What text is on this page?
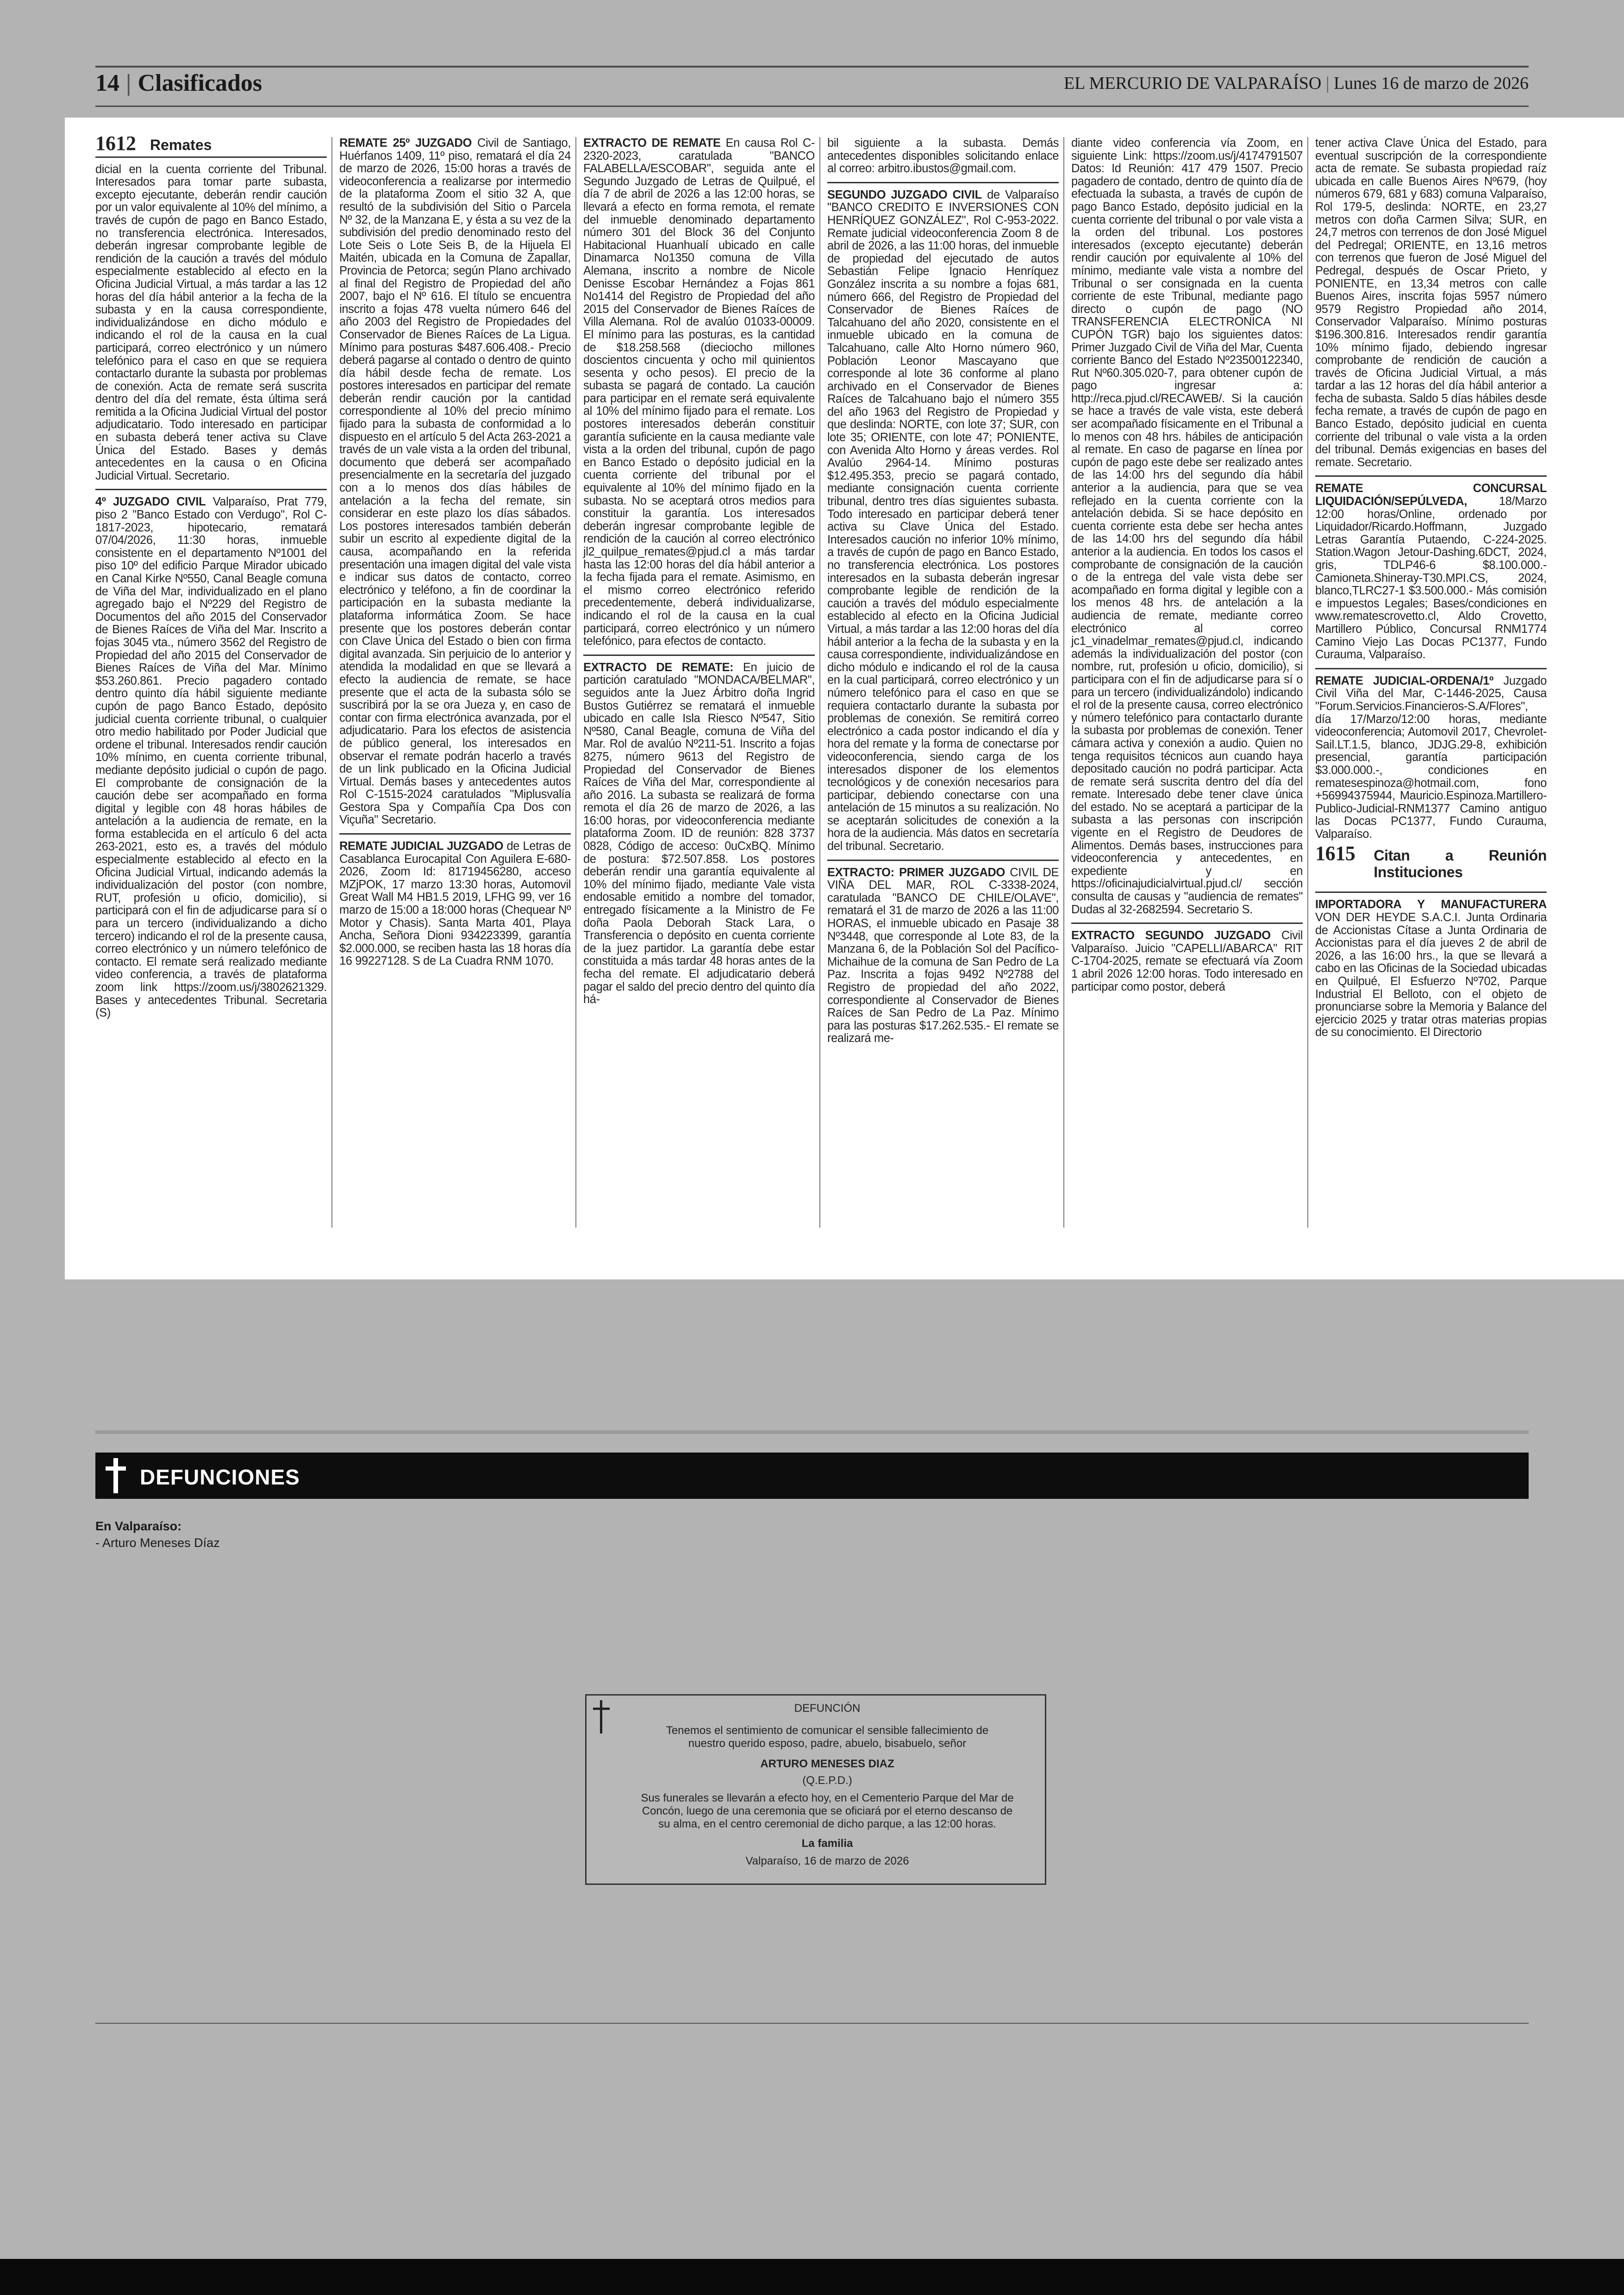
14 | Clasificados	EL MERCURIO DE VALPARAÍSO | Lunes 16 de marzo de 2026
1612 Remates

dicial en la cuenta corriente del Tribunal. Interesados para tomar parte subasta, excepto ejecutante, deberán rendir caución por un valor equivalente al 10% del mínimo, a través de cupón de pago en Banco Estado, no transferencia electrónica. Interesados, deberán ingresar comprobante legible de rendición de la caución a través del módulo especialmente establecido al efecto en la Oficina Judicial Virtual, a más tardar a las 12 horas del día hábil anterior a la fecha de la subasta y en la causa correspondiente, individualizándose en dicho módulo e indicando el rol de la causa en la cual participará, correo electrónico y un número telefónico para el caso en que se requiera contactarlo durante la subasta por problemas de conexión. Acta de remate será suscrita dentro del día del remate, ésta última será remitida a la Oficina Judicial Virtual del postor adjudicatario. Todo interesado en participar en subasta deberá tener activa su Clave Única del Estado. Bases y demás antecedentes en la causa o en Oficina Judicial Virtual. Secretario.

4º JUZGADO CIVIL Valparaíso, Prat 779, piso 2 "Banco Estado con Verdugo", Rol C-1817-2023, hipotecario, rematará 07/04/2026, 11:30 horas, inmueble consistente en el departamento Nº1001 del piso 10º del edificio Parque Mirador ubicado en Canal Kirke Nº550, Canal Beagle comuna de Viña del Mar, individualizado en el plano agregado bajo el Nº229 del Registro de Documentos del año 2015 del Conservador de Bienes Raíces de Viña del Mar. Inscrito a fojas 3045 vta., número 3562 del Registro de Propiedad del año 2015 del Conservador de Bienes Raíces de Viña del Mar. Mínimo $53.260.861. Precio pagadero contado dentro quinto día hábil siguiente mediante cupón de pago Banco Estado, depósito judicial cuenta corriente tribunal, o cualquier otro medio habilitado por Poder Judicial que ordene el tribunal. Interesados rendir caución 10% mínimo, en cuenta corriente tribunal, mediante depósito judicial o cupón de pago. El comprobante de consignación de la caución debe ser acompañado en forma digital y legible con 48 horas hábiles de antelación a la audiencia de remate, en la forma establecida en el artículo 6 del acta 263-2021, esto es, a través del módulo especialmente establecido al efecto en la Oficina Judicial Virtual, indicando además la individualización del postor (con nombre, RUT, profesión u oficio, domicilio), si participará con el fin de adjudicarse para sí o para un tercero (individualizando a dicho tercero) indicando el rol de la presente causa, correo electrónico y un número telefónico de contacto. El remate será realizado mediante video conferencia, a través de plataforma zoom link https://zoom.us/j/3802621329. Bases y antecedentes Tribunal. Secretaria (S)

REMATE 25º JUZGADO Civil de Santiago, Huérfanos 1409, 11º piso, rematará el día 24 de marzo de 2026, 15:00 horas a través de videoconferencia a realizarse por intermedio de la plataforma Zoom el sitio 32 A, que resultó de la subdivisión del Sitio o Parcela Nº 32, de la Manzana E, y ésta a su vez de la subdivisión del predio denominado resto del Lote Seis o Lote Seis B, de la Hijuela El Maitén, ubicada en la Comuna de Zapallar, Provincia de Petorca; según Plano archivado al final del Registro de Propiedad del año 2007, bajo el Nº 616. El título se encuentra inscrito a fojas 478 vuelta número 646 del año 2003 del Registro de Propiedades del Conservador de Bienes Raíces de La Ligua. Mínimo para posturas $487.606.408.- Precio deberá pagarse al contado o dentro de quinto día hábil desde fecha de remate. Los postores interesados en participar del remate deberán rendir caución por la cantidad correspondiente al 10% del precio mínimo fijado para la subasta de conformidad a lo dispuesto en el artículo 5 del Acta 263-2021 a través de un vale vista a la orden del tribunal, documento que deberá ser acompañado presencialmente en la secretaría del juzgado con a lo menos dos días hábiles de antelación a la fecha del remate, sin considerar en este plazo los días sábados. Los postores interesados también deberán subir un escrito al expediente digital de la causa, acompañando en la referida presentación una imagen digital del vale vista e indicar sus datos de contacto, correo electrónico y teléfono, a fin de coordinar la participación en la subasta mediante la plataforma informática Zoom. Se hace presente que los postores deberán contar con Clave Única del Estado o bien con firma digital avanzada. Sin perjuicio de lo anterior y atendida la modalidad en que se llevará a efecto la audiencia de remate, se hace presente que el acta de la subasta sólo se suscribirá por la se ora Jueza y, en caso de contar con firma electrónica avanzada, por el adjudicatario. Para los efectos de asistencia de público general, los interesados en observar el remate podrán hacerlo a través de un link publicado en la Oficina Judicial Virtual. Demás bases y antecedentes autos Rol C-1515-2024 caratulados "Miplusvalía Gestora Spa y Compañía Cpa Dos con Viçuña" Secretario.

REMATE JUDICIAL JUZGADO de Letras de Casablanca Eurocapital Con Aguilera E-680-2026, Zoom Id: 81719456280, acceso MZjPOK, 17 marzo 13:30 horas, Automovil Great Wall M4 HB1.5 2019, LFHG 99, ver 16 marzo de 15:00 a 18:000 horas (Chequear Nº Motor y Chasis). Santa Marta 401, Playa Ancha, Señora Dioni 934223399, garantía $2.000.000, se reciben hasta las 18 horas día 16 99227128. S de La Cuadra RNM 1070.

EXTRACTO DE REMATE En causa Rol C-2320-2023, caratulada "BANCO FALABELLA/ESCOBAR", seguida ante el Segundo Juzgado de Letras de Quilpué, el día 7 de abril de 2026 a las 12:00 horas, se llevará a efecto en forma remota, el remate del inmueble denominado departamento número 301 del Block 36 del Conjunto Habitacional Huanhualí ubicado en calle Dinamarca No1350 comuna de Villa Alemana, inscrito a nombre de Nicole Denisse Escobar Hernández a Fojas 861 No1414 del Registro de Propiedad del año 2015 del Conservador de Bienes Raíces de Villa Alemana. Rol de avalúo 01033-00009. El mínimo para las posturas, es la cantidad de $18.258.568 (dieciocho millones doscientos cincuenta y ocho mil quinientos sesenta y ocho pesos). El precio de la subasta se pagará de contado. La caución para participar en el remate será equivalente al 10% del mínimo fijado para el remate. Los postores interesados deberán constituir garantía suficiente en la causa mediante vale vista a la orden del tribunal, cupón de pago en Banco Estado o depósito judicial en la cuenta corriente del tribunal por el equivalente al 10% del mínimo fijado en la subasta. No se aceptará otros medios para constituir la garantía. Los interesados deberán ingresar comprobante legible de rendición de la caución al correo electrónico jl2_quilpue_remates@pjud.cl a más tardar hasta las 12:00 horas del día hábil anterior a la fecha fijada para el remate. Asimismo, en el mismo correo electrónico referido precedentemente, deberá individualizarse, indicando el rol de la causa en la cual participará, correo electrónico y un número telefónico, para efectos de contacto.

EXTRACTO DE REMATE: En juicio de partición caratulado "MONDACA/BELMAR", seguidos ante la Juez Árbitro doña Ingrid Bustos Gutiérrez se rematará el inmueble ubicado en calle Isla Riesco Nº547, Sitio Nº580, Canal Beagle, comuna de Viña del Mar. Rol de avalúo Nº211-51. Inscrito a fojas 8275, número 9613 del Registro de Propiedad del Conservador de Bienes Raíces de Viña del Mar, correspondiente al año 2016. La subasta se realizará de forma remota el día 26 de marzo de 2026, a las 16:00 horas, por videoconferencia mediante plataforma Zoom. ID de reunión: 828 3737 0828, Código de acceso: 0uCxBQ. Mínimo de postura: $72.507.858. Los postores deberán rendir una garantía equivalente al 10% del mínimo fijado, mediante Vale vista endosable emitido a nombre del tomador, entregado físicamente a la Ministro de Fe doña Paola Deborah Stack Lara, o Transferencia o depósito en cuenta corriente de la juez partidor. La garantía debe estar constituida a más tardar 48 horas antes de la fecha del remate. El adjudicatario deberá pagar el saldo del precio dentro del quinto día há-

bil siguiente a la subasta. Demás antecedentes disponibles solicitando enlace al correo: arbitro.ibustos@gmail.com.

SEGUNDO JUZGADO CIVIL de Valparaíso "BANCO CREDITO E INVERSIONES CON HENRÍQUEZ GONZÁLEZ", Rol C-953-2022. Remate judicial videoconferencia Zoom 8 de abril de 2026, a las 11:00 horas, del inmueble de propiedad del ejecutado de autos Sebastián Felipe Ignacio Henríquez González inscrita a su nombre a fojas 681, número 666, del Registro de Propiedad del Conservador de Bienes Raíces de Talcahuano del año 2020, consistente en el inmueble ubicado en la comuna de Talcahuano, calle Alto Horno número 960, Población Leonor Mascayano que corresponde al lote 36 conforme al plano archivado en el Conservador de Bienes Raíces de Talcahuano bajo el número 355 del año 1963 del Registro de Propiedad y que deslinda: NORTE, con lote 37; SUR, con lote 35; ORIENTE, con lote 47; PONIENTE, con Avenida Alto Horno y áreas verdes. Rol Avalúo 2964-14. Mínimo posturas $12.495.353, precio se pagará contado, mediante consignación cuenta corriente tribunal, dentro tres días siguientes subasta. Todo interesado en participar deberá tener activa su Clave Única del Estado. Interesados caución no inferior 10% mínimo, a través de cupón de pago en Banco Estado, no transferencia electrónica. Los postores interesados en la subasta deberán ingresar comprobante legible de rendición de la caución a través del módulo especialmente establecido al efecto en la Oficina Judicial Virtual, a más tardar a las 12:00 horas del día hábil anterior a la fecha de la subasta y en la causa correspondiente, individualizándose en dicho módulo e indicando el rol de la causa en la cual participará, correo electrónico y un número telefónico para el caso en que se requiera contactarlo durante la subasta por problemas de conexión. Se remitirá correo electrónico a cada postor indicando el día y hora del remate y la forma de conectarse por videoconferencia, siendo carga de los interesados disponer de los elementos tecnológicos y de conexión necesarios para participar, debiendo conectarse con una antelación de 15 minutos a su realización. No se aceptarán solicitudes de conexión a la hora de la audiencia. Más datos en secretaría del tribunal. Secretario.

EXTRACTO: PRIMER JUZGADO CIVIL DE VIÑA DEL MAR, ROL C-3338-2024, caratulada "BANCO DE CHILE/OLAVE", rematará el 31 de marzo de 2026 a las 11:00 HORAS, el inmueble ubicado en Pasaje 38 Nº3448, que corresponde al Lote 83, de la Manzana 6, de la Población Sol del Pacífico-Michaihue de la comuna de San Pedro de La Paz. Inscrita a fojas 9492 Nº2788 del Registro de propiedad del año 2022, correspondiente al Conservador de Bienes Raíces de San Pedro de La Paz. Mínimo para las posturas $17.262.535.- El remate se realizará me-

diante video conferencia vía Zoom, en siguiente Link: https://zoom.us/j/4174791507 Datos: Id Reunión: 417 479 1507. Precio pagadero de contado, dentro de quinto día de efectuada la subasta, a través de cupón de pago Banco Estado, depósito judicial en la cuenta corriente del tribunal o por vale vista a la orden del tribunal. Los postores interesados (excepto ejecutante) deberán rendir caución por equivalente al 10% del mínimo, mediante vale vista a nombre del Tribunal o ser consignada en la cuenta corriente de este Tribunal, mediante pago directo o cupón de pago (NO TRANSFERENCIA ELECTRONICA NI CUPÓN TGR) bajo los siguientes datos: Primer Juzgado Civil de Viña del Mar, Cuenta corriente Banco del Estado Nº23500122340, Rut Nº60.305.020-7, para obtener cupón de pago ingresar a: http://reca.pjud.cl/RECAWEB/. Si la caución se hace a través de vale vista, este deberá ser acompañado físicamente en el Tribunal a lo menos con 48 hrs. hábiles de anticipación al remate. En caso de pagarse en línea por cupón de pago este debe ser realizado antes de las 14:00 hrs del segundo día hábil anterior a la audiencia, para que se vea reflejado en la cuenta corriente con la antelación debida. Si se hace depósito en cuenta corriente esta debe ser hecha antes de las 14:00 hrs del segundo día hábil anterior a la audiencia. En todos los casos el comprobante de consignación de la caución o de la entrega del vale vista debe ser acompañado en forma digital y legible con a los menos 48 hrs. de antelación a la audiencia de remate, mediante correo electrónico al correo jc1_vinadelmar_remates@pjud.cl, indicando además la individualización del postor (con nombre, rut, profesión u oficio, domicilio), si participara con el fin de adjudicarse para sí o para un tercero (individualizándolo) indicando el rol de la presente causa, correo electrónico y número telefónico para contactarlo durante la subasta por problemas de conexión. Tener cámara activa y conexión a audio. Quien no tenga requisitos técnicos aun cuando haya depositado caución no podrá participar. Acta de remate será suscrita dentro del día del remate. Interesado debe tener clave única del estado. No se aceptará a participar de la subasta a las personas con inscripción vigente en el Registro de Deudores de Alimentos. Demás bases, instrucciones para videoconferencia y antecedentes, en expediente y en https://oficinajudicialvirtual.pjud.cl/ sección consulta de causas y "audiencia de remates" Dudas al 32-2682594. Secretario S.

EXTRACTO SEGUNDO JUZGADO Civil Valparaíso. Juicio "CAPELLI/ABARCA" RIT C-1704-2025, remate se efectuará vía Zoom 1 abril 2026 12:00 horas. Todo interesado en participar como postor, deberá

tener activa Clave Única del Estado, para eventual suscripción de la correspondiente acta de remate. Se subasta propiedad raíz ubicada en calle Buenos Aires Nº679, (hoy números 679, 681 y 683) comuna Valparaíso, Rol 179-5, deslinda: NORTE, en 23,27 metros con doña Carmen Silva; SUR, en 24,7 metros con terrenos de don José Miguel del Pedregal; ORIENTE, en 13,16 metros con terrenos que fueron de José Miguel del Pedregal, después de Oscar Prieto, y PONIENTE, en 13,34 metros con calle Buenos Aires, inscrita fojas 5957 número 9579 Registro Propiedad año 2014, Conservador Valparaíso. Mínimo posturas $196.300.816. Interesados rendir garantía 10% mínimo fijado, debiendo ingresar comprobante de rendición de caución a través de Oficina Judicial Virtual, a más tardar a las 12 horas del día hábil anterior a fecha de subasta. Saldo 5 días hábiles desde fecha remate, a través de cupón de pago en Banco Estado, depósito judicial en cuenta corriente del tribunal o vale vista a la orden del tribunal. Demás exigencias en bases del remate. Secretario.

REMATE CONCURSAL LIQUIDACIÓN/SEPÚLVEDA, 18/Marzo 12:00 horas/Online, ordenado por Liquidador/Ricardo.Hoffmann, Juzgado Letras Garantía Putaendo, C-224-2025. Station.Wagon Jetour-Dashing.6DCT, 2024, gris, TDLP46-6 $8.100.000.-Camioneta.Shineray-T30.MPI.CS, 2024, blanco,TLRC27-1 $3.500.000.- Más comisión e impuestos Legales; Bases/condiciones en www.rematescrovetto.cl, Aldo Crovetto, Martillero Público, Concursal RNM1774 Camino Viejo Las Docas PC1377, Fundo Curauma, Valparaíso.

REMATE JUDICIAL-ORDENA/1º Juzgado Civil Viña del Mar, C-1446-2025, Causa "Forum.Servicios.Financieros-S.A/Flores", día 17/Marzo/12:00 horas, mediante videoconferencia; Automovil 2017, Chevrolet-Sail.LT.1.5, blanco, JDJG.29-8, exhibición presencial, garantía participación $3.000.000.-, condiciones en rematesespinoza@hotmail.com, fono +56994375944, Mauricio.Espinoza.Martillero-Publico-Judicial-RNM1377 Camino antiguo las Docas PC1377, Fundo Curauma, Valparaíso.

1615 Citan a Reunión Instituciones

IMPORTADORA Y MANUFACTURERA VON DER HEYDE S.A.C.I. Junta Ordinaria de Accionistas Cítase a Junta Ordinaria de Accionistas para el día jueves 2 de abril de 2026, a las 16:00 hrs., la que se llevará a cabo en las Oficinas de la Sociedad ubicadas en Quilpué, El Esfuerzo Nº702, Parque Industrial El Belloto, con el objeto de pronunciarse sobre la Memoria y Balance del ejercicio 2025 y tratar otras materias propias de su conocimiento. El Directorio

DEFUNCIONES
En Valparaíso:
- Arturo Meneses Díaz
DEFUNCIÓN
Tenemos el sentimiento de comunicar el sensible fallecimiento de
nuestro querido esposo, padre, abuelo, bisabuelo, señor
ARTURO MENESES DIAZ
(Q.E.P.D.)
Sus funerales se llevarán a efecto hoy, en el Cementerio Parque del Mar de
Concón, luego de una ceremonia que se oficiará por el eterno descanso de
su alma, en el centro ceremonial de dicho parque, a las 12:00 horas.
La familia
Valparaíso, 16 de marzo de 2026
